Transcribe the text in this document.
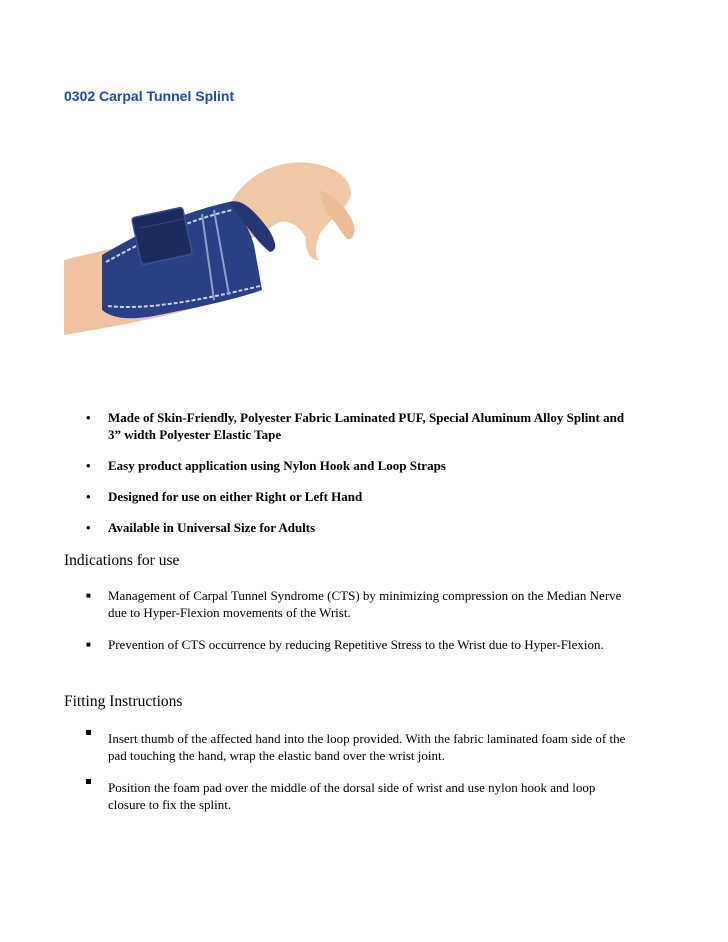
0302 Carpal Tunnel Splint
• Made of Skin-Friendly, Polyester Fabric Laminated PUF, Special Aluminum Alloy Splint and 3” width Polyester Elastic Tape
• Easy product application using Nylon Hook and Loop Straps
• Designed for use on either Right or Left Hand
• Available in Universal Size for Adults
Indications for use
■ Management of Carpal Tunnel Syndrome (CTS) by minimizing compression on the Median Nerve due to Hyper-Flexion movements of the Wrist.
■ Prevention of CTS occurrence by reducing Repetitive Stress to the Wrist due to Hyper-Flexion.
Fitting Instructions
Insert thumb of the affected hand into the loop provided. With the fabric laminated foam side of the pad touching the hand, wrap the elastic band over the wrist joint.
Position the foam pad over the middle of the dorsal side of wrist and use nylon hook and loop closure to fix the splint.
